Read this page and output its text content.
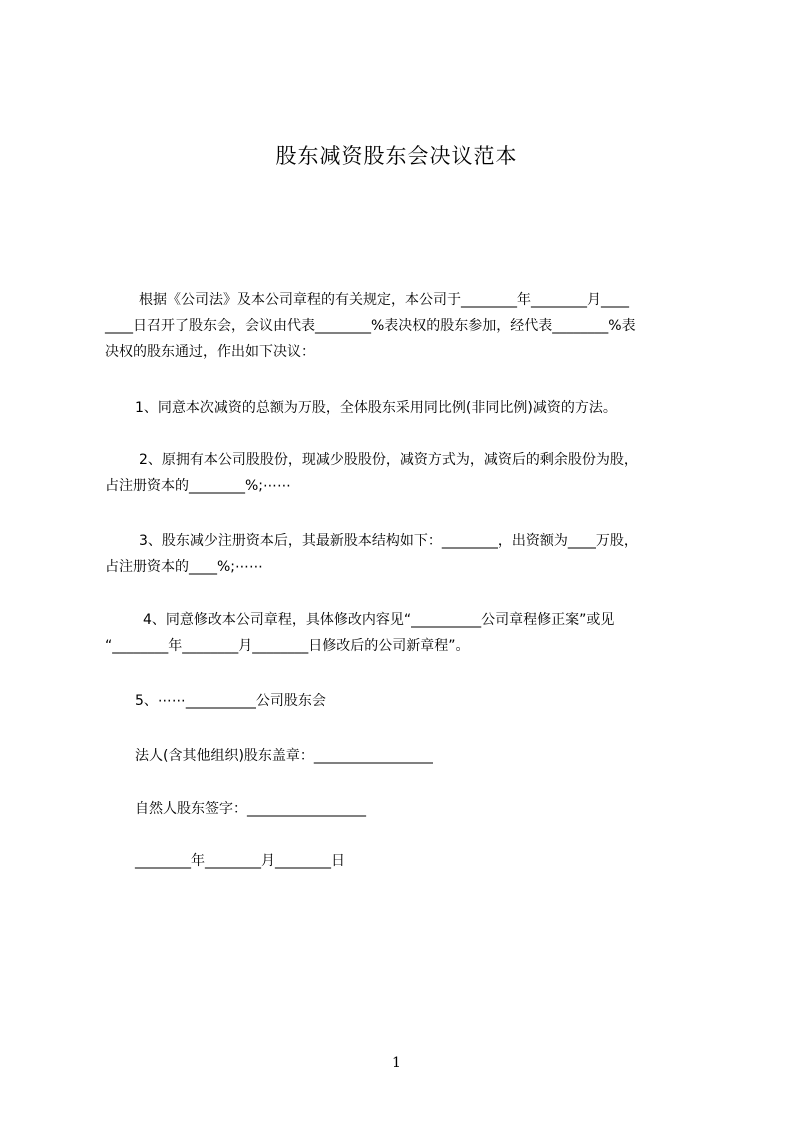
股东减资股东会决议范本
根据《公司法》及本公司章程的有关规定，本公司于________年________月____
____日召开了股东会，会议由代表________%表决权的股东参加，经代表________%表
决权的股东通过，作出如下决议：
1、同意本次减资的总额为万股，全体股东采用同比例(非同比例)减资的方法。
2、原拥有本公司股股份，现减少股股份，减资方式为，减资后的剩余股份为股，
占注册资本的________%;⋯⋯
3、股东减少注册资本后，其最新股本结构如下：________，出资额为____万股，
占注册资本的____%;⋯⋯
4、同意修改本公司章程，具体修改内容见“__________公司章程修正案”或见
“________年________月________日修改后的公司新章程”。
5、⋯⋯__________公司股东会
法人(含其他组织)股东盖章：_________________
自然人股东签字：_________________
________年________月________日
1
